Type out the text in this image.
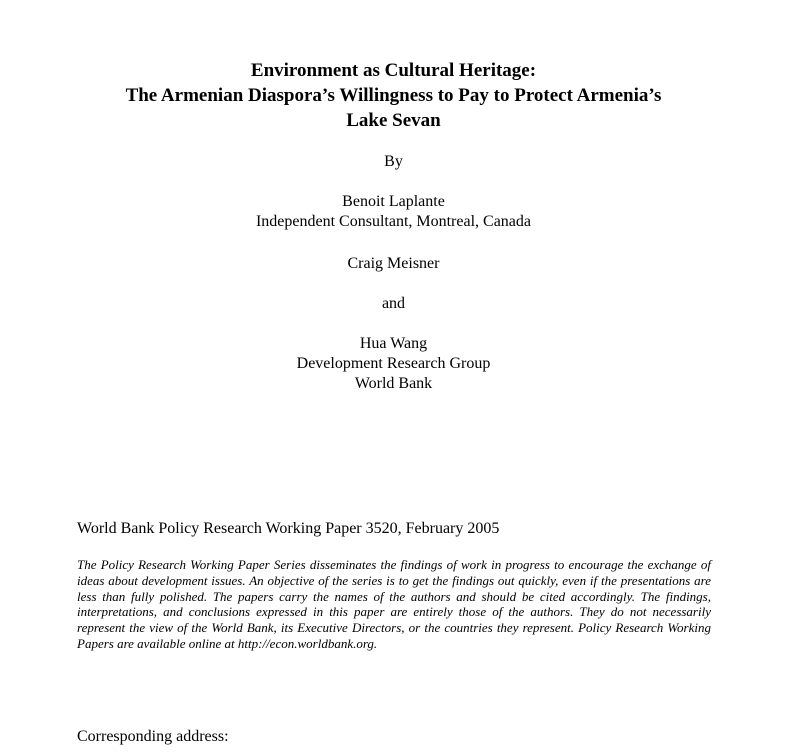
Environment as Cultural Heritage:
The Armenian Diaspora’s Willingness to Pay to Protect Armenia’s
Lake Sevan
By
Benoit Laplante
Independent Consultant, Montreal, Canada
Craig Meisner
and
Hua Wang
Development Research Group
World Bank
World Bank Policy Research Working Paper 3520, February 2005
The Policy Research Working Paper Series disseminates the findings of work in progress to encourage the exchange of ideas about development issues. An objective of the series is to get the findings out quickly, even if the presentations are less than fully polished. The papers carry the names of the authors and should be cited accordingly. The findings, interpretations, and conclusions expressed in this paper are entirely those of the authors. They do not necessarily represent the view of the World Bank, its Executive Directors, or the countries they represent. Policy Research Working Papers are available online at http://econ.worldbank.org.
Corresponding address:
